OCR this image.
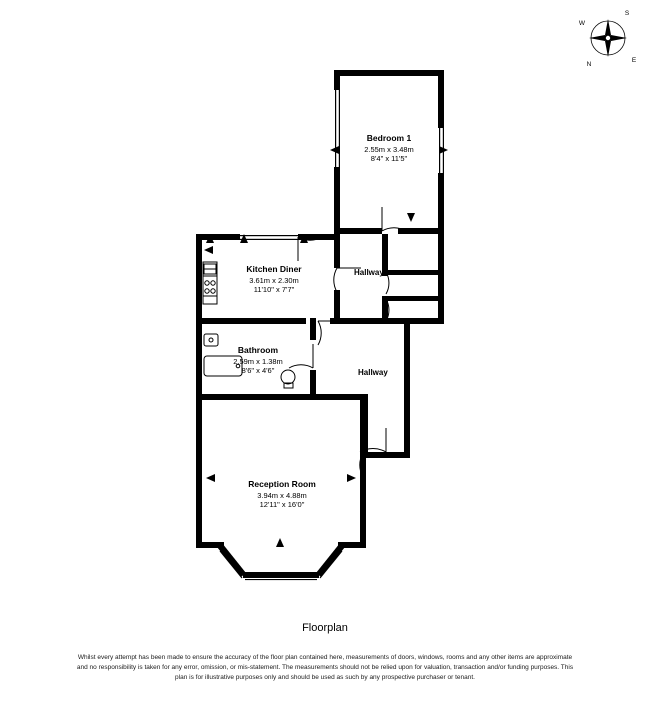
W
S
N
E
Bedroom 1
2.55m x 3.48m
8'4" x 11'5"
Kitchen Diner
3.61m x 2.30m
11'10" x 7'7"
Bathroom
2.59m x 1.38m
8'6" x 4'6"
Reception Room
3.94m x 4.88m
12'11" x 16'0"
Hallway
Hallway
Floorplan
Whilst every attempt has been made to ensure the accuracy of the floor plan contained here, measurements of doors, windows, rooms and any other items are approximate and no responsibility is taken for any error, omission, or mis-statement. The measurements should not be relied upon for valuation, transaction and/or funding purposes. This plan is for illustrative purposes only and should be used as such by any prospective purchaser or tenant.
